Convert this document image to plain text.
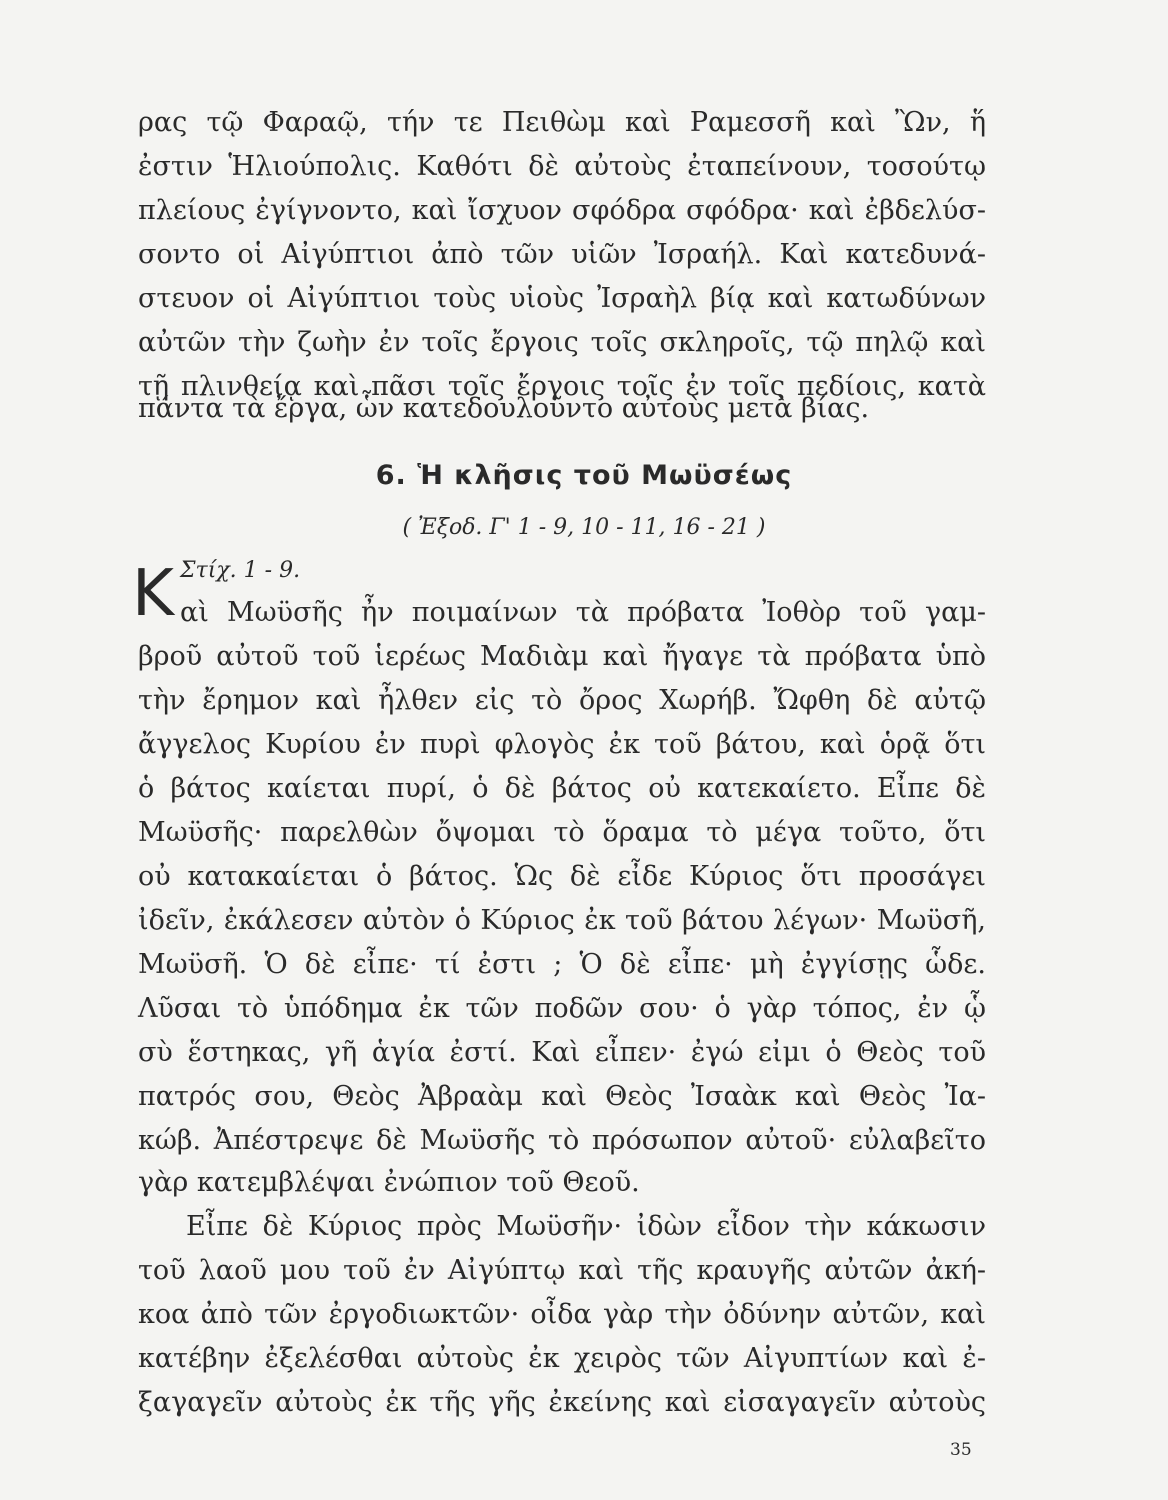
ρας τῷ Φαραῷ, τήν τε Πειθὼμ καὶ Ραμεσσῆ καὶ Ὢν, ἥ
ἐστιν Ἡλιούπολις. Καθότι δὲ αὐτοὺς ἐταπείνουν, τοσούτῳ
πλείους ἐγίγνοντο, καὶ ἴσχυον σφόδρα σφόδρα· καὶ ἐβδελύσ-
σοντο οἱ Αἰγύπτιοι ἀπὸ τῶν υἱῶν Ἰσραήλ. Καὶ κατεδυνά-
στευον οἱ Αἰγύπτιοι τοὺς υἱοὺς Ἰσραὴλ βίᾳ καὶ κατωδύνων
αὐτῶν τὴν ζωὴν ἐν τοῖς ἔργοις τοῖς σκληροῖς, τῷ πηλῷ καὶ
τῇ πλινθείᾳ καὶ πᾶσι τοῖς ἔργοις τοῖς ἐν τοῖς πεδίοις, κατὰ
πάντα τὰ ἔργα, ὧν κατεδουλοῦντο αὐτοὺς μετὰ βίας.
6. Ἡ κλῆσις τοῦ Μωϋσέως
( Ἐξοδ. Γ' 1 - 9, 10 - 11, 16 - 21 )
Κ Στίχ. 1 - 9.
αὶ Μωϋσῆς ἦν ποιμαίνων τὰ πρόβατα Ἰοθὸρ τοῦ γαμ-
βροῦ αὐτοῦ τοῦ ἱερέως Μαδιὰμ καὶ ἤγαγε τὰ πρόβατα ὑπὸ
τὴν ἔρημον καὶ ἦλθεν εἰς τὸ ὄρος Χωρήβ. Ὤφθη δὲ αὐτῷ
ἄγγελος Κυρίου ἐν πυρὶ φλογὸς ἐκ τοῦ βάτου, καὶ ὁρᾷ ὅτι
ὁ βάτος καίεται πυρί, ὁ δὲ βάτος οὐ κατεκαίετο. Εἶπε δὲ
Μωϋσῆς· παρελθὼν ὄψομαι τὸ ὅραμα τὸ μέγα τοῦτο, ὅτι
οὐ κατακαίεται ὁ βάτος. Ὡς δὲ εἶδε Κύριος ὅτι προσάγει
ἰδεῖν, ἐκάλεσεν αὐτὸν ὁ Κύριος ἐκ τοῦ βάτου λέγων· Μωϋσῆ,
Μωϋσῆ. Ὁ δὲ εἶπε· τί ἐστι ; Ὁ δὲ εἶπε· μὴ ἐγγίσῃς ὧδε.
Λῦσαι τὸ ὑπόδημα ἐκ τῶν ποδῶν σου· ὁ γὰρ τόπος, ἐν ᾧ
σὺ ἕστηκας, γῆ ἁγία ἐστί. Καὶ εἶπεν· ἐγώ εἰμι ὁ Θεὸς τοῦ
πατρός σου, Θεὸς Ἀβραὰμ καὶ Θεὸς Ἰσαὰκ καὶ Θεὸς Ἰα-
κώβ. Ἀπέστρεψε δὲ Μωϋσῆς τὸ πρόσωπον αὐτοῦ· εὐλαβεῖτο
γὰρ κατεμβλέψαι ἐνώπιον τοῦ Θεοῦ.
Εἶπε δὲ Κύριος πρὸς Μωϋσῆν· ἰδὼν εἶδον τὴν κάκωσιν
τοῦ λαοῦ μου τοῦ ἐν Αἰγύπτῳ καὶ τῆς κραυγῆς αὐτῶν ἀκή-
κοα ἀπὸ τῶν ἐργοδιωκτῶν· οἶδα γὰρ τὴν ὀδύνην αὐτῶν, καὶ
κατέβην ἐξελέσθαι αὐτοὺς ἐκ χειρὸς τῶν Αἰγυπτίων καὶ ἐ-
ξαγαγεῖν αὐτοὺς ἐκ τῆς γῆς ἐκείνης καὶ εἰσαγαγεῖν αὐτοὺς
35
